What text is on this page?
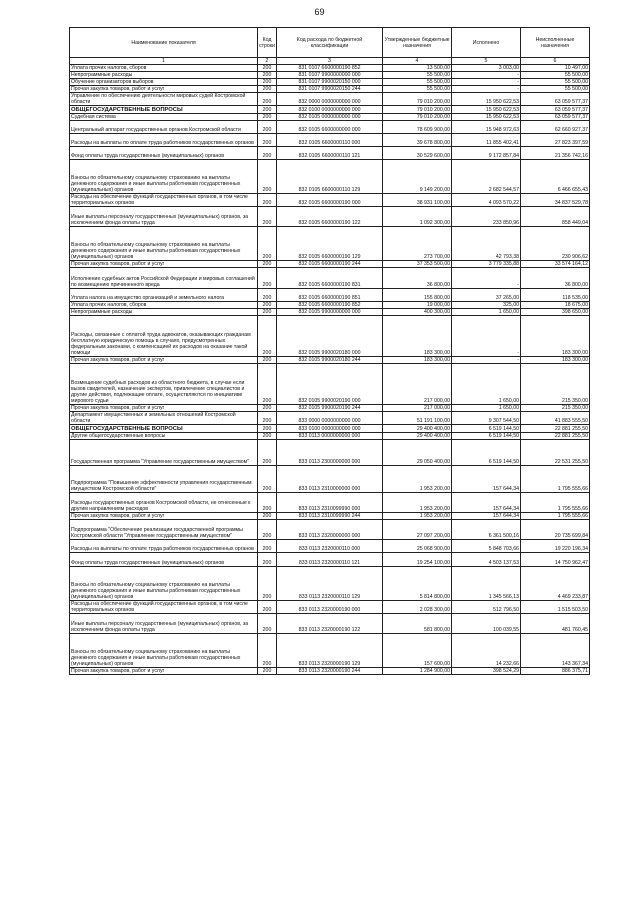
69
Наименование показателя	Код строки	Код расхода по бюджетной классификации	Утвержденные бюджетные назначения	Исполнено	Неисполненные назначения
1	2	3	4	5	6
Уплата прочих налогов, сборов	200	831 0107 6600000190 852	13 500,00	3 003,00	10 497,00
Непрограммные расходы	200	831 0107 9900000000 000	55 500,00	-	55 500,00
Обучение организаторов выборов	200	831 0107 9900020150 000	55 500,00	-	55 500,00
Прочая закупка товаров, работ и услуг	200	831 0107 9900020150 244	55 500,00	-	55 500,00
Управление по обеспечению деятельности мировых судей Костромской области	200	832 0000 0000000000 000	79 010 200,00	15 950 622,53	63 059 577,37
ОБЩЕГОСУДАРСТВЕННЫЕ ВОПРОСЫ	200	832 0100 0000000000 000	79 010 200,00	15 950 622,53	63 059 577,37
Судебная система	200	832 0105 0000000000 000	79 010 200,00	15 950 622,53	63 059 577,37
Центральный аппарат государственных органов Костромской области	200	832 0105 6600000000 000	78 609 900,00	15 948 972,63	62 660 927,37
Расходы на выплаты по оплате труда работников государственных органов	200	832 0105 6600000110 000	39 678 800,00	11 855 402,41	27 823 397,59
Фонд оплаты труда государственных (муниципальных) органов	200	832 0105 6600000110 121	30 529 600,00	9 172 857,84	21 356 742,16
Взносы по обязательному социальному страхованию на выплаты денежного содержания и иные выплаты работникам государственных (муниципальных) органов	200	832 0105 6600000110 129	9 149 200,00	2 682 544,57	6 466 655,43
Расходы на обеспечение функций государственных органов, в том числе территориальных органов	200	832 0105 6600000190 000	38 931 100,00	4 093 570,22	34 837 529,78
Иные выплаты персоналу государственных (муниципальных) органов, за исключением фонда оплаты труда	200	832 0105 6600000190 122	1 092 300,00	233 850,96	858 449,04
Взносы по обязательному социальному страхованию на выплаты денежного содержания и иные выплаты работникам государственных (муниципальных) органов	200	832 0105 6600000190 129	273 700,00	42 793,38	230 906,62
Прочая закупка товаров, работ и услуг	200	832 0105 6600000190 244	37 353 500,00	3 779 335,88	33 574 164,12
Исполнение судебных актов Российской Федерации и мировых соглашений по возмещению причиненного вреда	200	832 0105 6600000190 831	36 800,00	-	36 800,00
Уплата налога на имущество организаций и земельного налога	200	832 0105 6600000190 851	155 800,00	37 265,00	118 535,00
Уплата прочих налогов, сборов	200	832 0105 6600000190 852	19 000,00	325,00	18 675,00
Непрограммные расходы	200	832 0105 9900000000 000	400 300,00	1 650,00	398 650,00
Расходы, связанные с оплатой труда адвокатов, оказывающих гражданам бесплатную юридическую помощь в случаях, предусмотренных федеральным законами, с компенсацией их расходов на оказание такой помощи	200	832 0105 9900020180 000	183 300,00	-	183 300,00
Прочая закупка товаров, работ и услуг	200	832 0105 9900020180 244	183 300,00	-	183 300,00
Возмещение судебных расходов из областного бюджета, в случае если вызов свидетелей, назначение экспертов, привлечение специалистов и другие действия, подлежащие оплате, осуществляются по инициативе мирового судьи	200	832 0105 9900020190 000	217 000,00	1 650,00	215 350,00
Прочая закупка товаров, работ и услуг	200	832 0105 9900020190 244	217 000,00	1 650,00	215 350,00
Департамент имущественных и земельных отношений Костромской области	200	833 0000 0000000000 000	51 191 100,00	9 307 544,50	41 883 555,50
ОБЩЕГОСУДАРСТВЕННЫЕ ВОПРОСЫ	200	833 0100 0000000000 000	29 400 400,00	6 519 144,50	22 881 255,50
Другие общегосударственные вопросы	200	833 0113 0000000000 000	29 400 400,00	6 519 144,50	22 881 255,50
Государственная программа "Управление государственным имуществом"	200	833 0113 2300000000 000	29 050 400,00	6 519 144,50	22 531 255,50
Подпрограмма "Повышение эффективности управления государственным имуществом Костромской области"	200	833 0113 2310000000 000	1 953 200,00	157 644,34	1 795 555,66
Расходы государственных органов Костромской области, не отнесенные к другим направлениям расходов	200	833 0113 2310099990 000	1 953 200,00	157 644,34	1 795 555,66
Прочая закупка товаров, работ и услуг	200	833 0113 2310099990 244	1 953 200,00	157 644,34	1 795 555,66
Подпрограмма "Обеспечение реализации государственной программы Костромской области "Управление государственным имуществом"	200	833 0113 2320000000 000	27 097 200,00	6 361 500,16	20 735 699,84
Расходы на выплаты по оплате труда работников государственных органов	200	833 0113 2320000110 000	25 068 900,00	5 848 703,66	19 220 196,34
Фонд оплаты труда государственных (муниципальных) органов	200	833 0113 2320000110 121	19 254 100,00	4 503 137,53	14 750 962,47
Взносы по обязательному социальному страхованию на выплаты денежного содержания и иные выплаты работникам государственных (муниципальных) органов	200	833 0113 2320000110 129	5 814 800,00	1 345 566,13	4 469 233,87
Расходы на обеспечение функций государственных органов, в том числе территориальных органов	200	833 0113 2320000190 000	2 028 300,00	512 796,50	1 515 503,50
Иные выплаты персоналу государственных (муниципальных) органов, за исключением фонда оплаты труда	200	833 0113 2320000190 122	581 800,00	100 039,55	481 760,45
Взносы по обязательному социальному страхованию на выплаты денежного содержания и иные выплаты работникам государственных (муниципальных) органов	200	833 0113 2320000190 129	157 600,00	14 232,66	143 367,34
Прочая закупка товаров, работ и услуг	200	833 0113 2320000190 244	1 284 900,00	398 524,29	886 375,71
